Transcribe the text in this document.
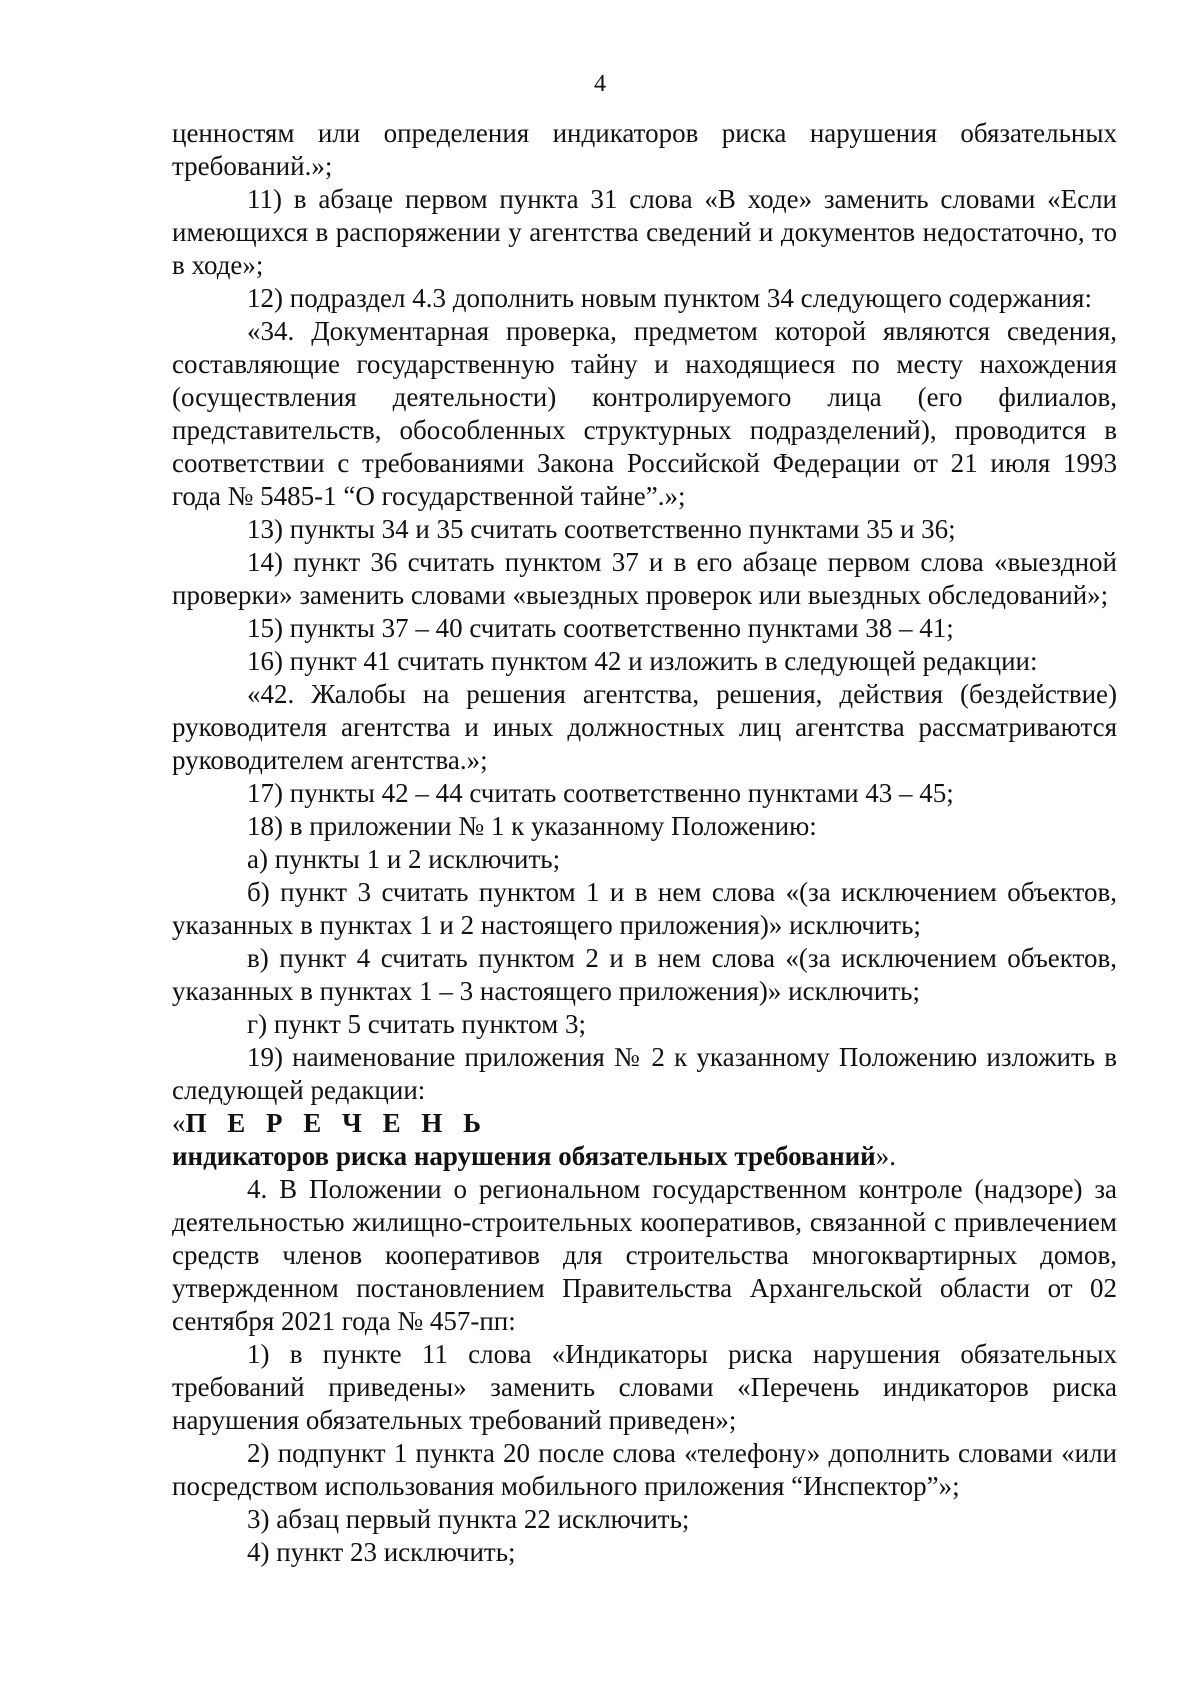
4

ценностям или определения индикаторов риска нарушения обязательных требований.»;

11) в абзаце первом пункта 31 слова «В ходе» заменить словами «Если имеющихся в распоряжении у агентства сведений и документов недостаточно, то в ходе»;

12) подраздел 4.3 дополнить новым пунктом 34 следующего содержания:

«34. Документарная проверка, предметом которой являются сведения, составляющие государственную тайну и находящиеся по месту нахождения (осуществления деятельности) контролируемого лица (его филиалов, представительств, обособленных структурных подразделений), проводится в соответствии с требованиями Закона Российской Федерации от 21 июля 1993 года № 5485-1 “О государственной тайне”.»;

13) пункты 34 и 35 считать соответственно пунктами 35 и 36;

14) пункт 36 считать пунктом 37 и в его абзаце первом слова «выездной проверки» заменить словами «выездных проверок или выездных обследований»;

15) пункты 37 – 40 считать соответственно пунктами 38 – 41;

16) пункт 41 считать пунктом 42 и изложить в следующей редакции:

«42. Жалобы на решения агентства, решения, действия (бездействие) руководителя агентства и иных должностных лиц агентства рассматриваются руководителем агентства.»;

17) пункты 42 – 44 считать соответственно пунктами 43 – 45;

18) в приложении № 1 к указанному Положению:

а) пункты 1 и 2 исключить;

б) пункт 3 считать пунктом 1 и в нем слова «(за исключением объектов, указанных в пунктах 1 и 2 настоящего приложения)» исключить;

в) пункт 4 считать пунктом 2 и в нем слова «(за исключением объектов, указанных в пунктах 1 – 3 настоящего приложения)» исключить;

г) пункт 5 считать пунктом 3;

19) наименование приложения № 2 к указанному Положению изложить в следующей редакции:

«П Е Р Е Ч Е Н Ь

индикаторов риска нарушения обязательных требований».

4. В Положении о региональном государственном контроле (надзоре) за деятельностью жилищно-строительных кооперативов, связанной с привлечением средств членов кооперативов для строительства многоквартирных домов, утвержденном постановлением Правительства Архангельской области от 02 сентября 2021 года № 457-пп:

1) в пункте 11 слова «Индикаторы риска нарушения обязательных требований приведены» заменить словами «Перечень индикаторов риска нарушения обязательных требований приведен»;

2) подпункт 1 пункта 20 после слова «телефону» дополнить словами «или посредством использования мобильного приложения “Инспектор”»;

3) абзац первый пункта 22 исключить;

4) пункт 23 исключить;
